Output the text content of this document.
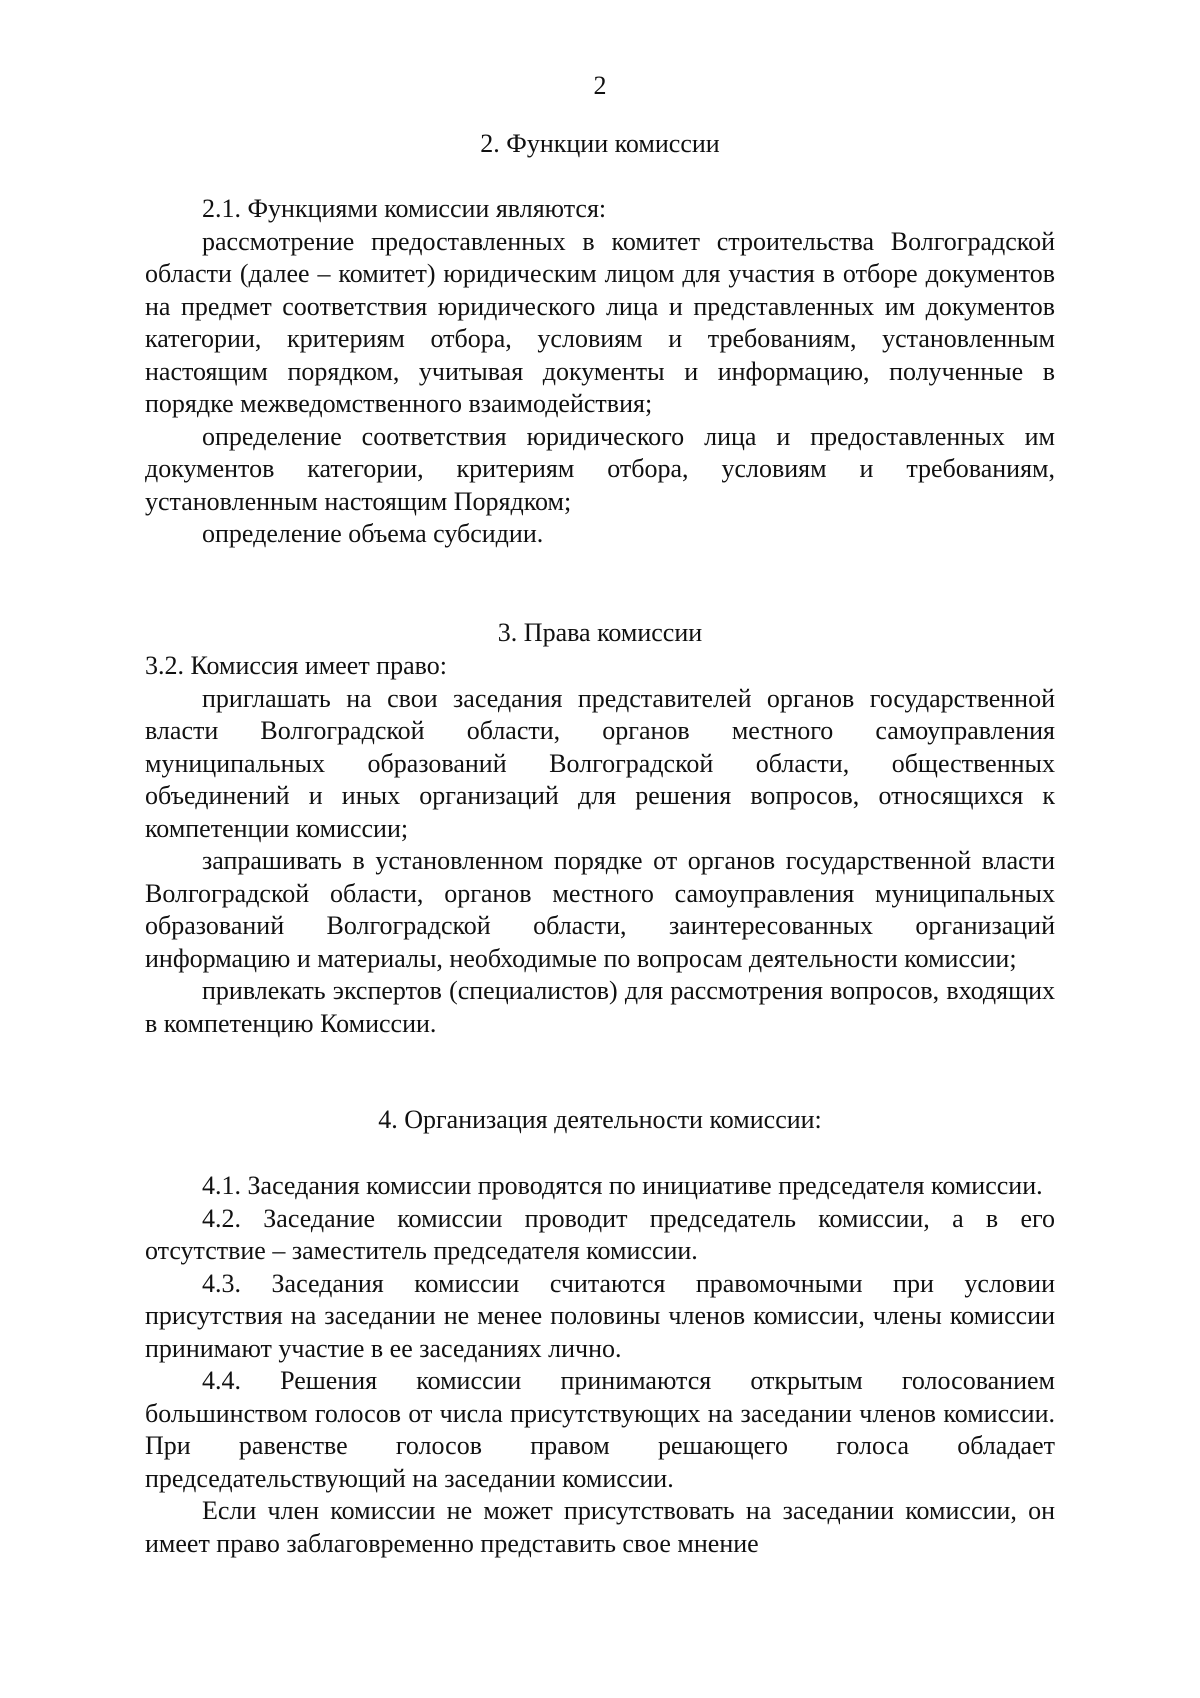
2
2. Функции комиссии

2.1. Функциями комиссии являются:

рассмотрение предоставленных в комитет строительства Волгоградской области (далее – комитет) юридическим лицом для участия в отборе документов на предмет соответствия юридического лица и представленных им документов категории, критериям отбора, условиям и требованиям, установленным настоящим порядком, учитывая документы и информацию, полученные в порядке межведомственного взаимодействия;

определение соответствия юридического лица и предоставленных им документов категории, критериям отбора, условиям и требованиям, установленным настоящим Порядком;

определение объема субсидии.

3. Права комиссии

3.2. Комиссия имеет право:

приглашать на свои заседания представителей органов государственной власти Волгоградской области, органов местного самоуправления муниципальных образований Волгоградской области, общественных объединений и иных организаций для решения вопросов, относящихся к компетенции комиссии;

запрашивать в установленном порядке от органов государственной власти Волгоградской области, органов местного самоуправления муниципальных образований Волгоградской области, заинтересованных организаций информацию и материалы, необходимые по вопросам деятельности комиссии;

привлекать экспертов (специалистов) для рассмотрения вопросов, входящих в компетенцию Комиссии.

4. Организация деятельности комиссии:

4.1. Заседания комиссии проводятся по инициативе председателя комиссии.

4.2. Заседание комиссии проводит председатель комиссии, а в его отсутствие – заместитель председателя комиссии.

4.3. Заседания комиссии считаются правомочными при условии присутствия на заседании не менее половины членов комиссии, члены комиссии принимают участие в ее заседаниях лично.

4.4. Решения комиссии принимаются открытым голосованием большинством голосов от числа присутствующих на заседании членов комиссии. При равенстве голосов правом решающего голоса обладает председательствующий на заседании комиссии.

Если член комиссии не может присутствовать на заседании комиссии, он имеет право заблаговременно представить свое мнение
